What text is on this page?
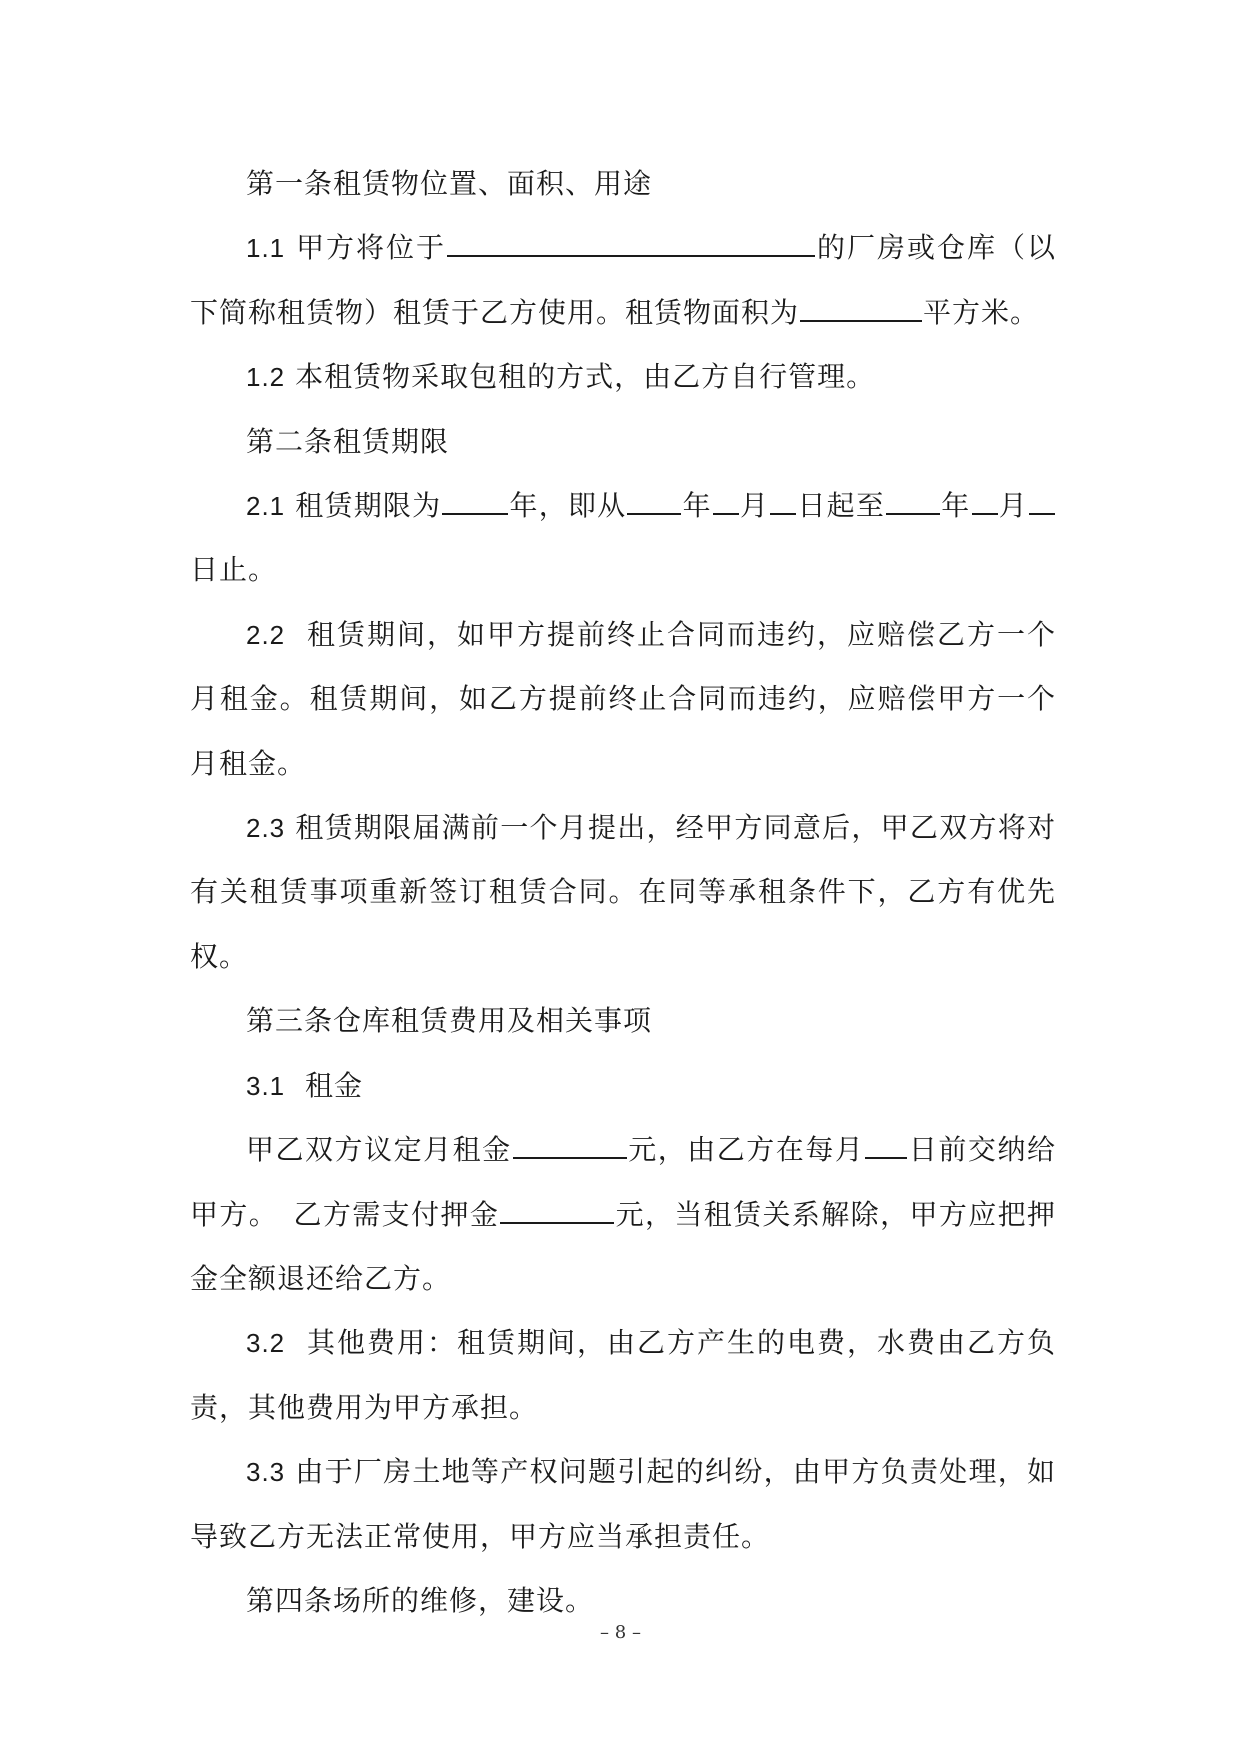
第一条租赁物位置、面积、用途

1.1 甲方将位于	的厂房或仓库（以下简称租赁物）租赁于乙方使用。租赁物面积为	平方米。

1.2 本租赁物采取包租的方式，由乙方自行管理。

第二条租赁期限

2.1 租赁期限为 年，即从 年 月 日起至 年 月日止。

2.2 租赁期间，如甲方提前终止合同而违约，应赔偿乙方一个月租金。租赁期间，如乙方提前终止合同而违约，应赔偿甲方一个月租金。

2.3 租赁期限届满前一个月提出，经甲方同意后，甲乙双方将对有关租赁事项重新签订租赁合同。在同等承租条件下，乙方有优先权。

第三条仓库租赁费用及相关事项

3.1 租金

甲乙双方议定月租金	元，由乙方在每月 日前交纳给甲方。　乙方需支付押金	元，当租赁关系解除，甲方应把押金全额退还给乙方。

3.2 其他费用：租赁期间，由乙方产生的电费，水费由乙方负责，其他费用为甲方承担。

3.3 由于厂房土地等产权问题引起的纠纷，由甲方负责处理，如导致乙方无法正常使用，甲方应当承担责任。

第四条场所的维修，建设。

– 8 –
